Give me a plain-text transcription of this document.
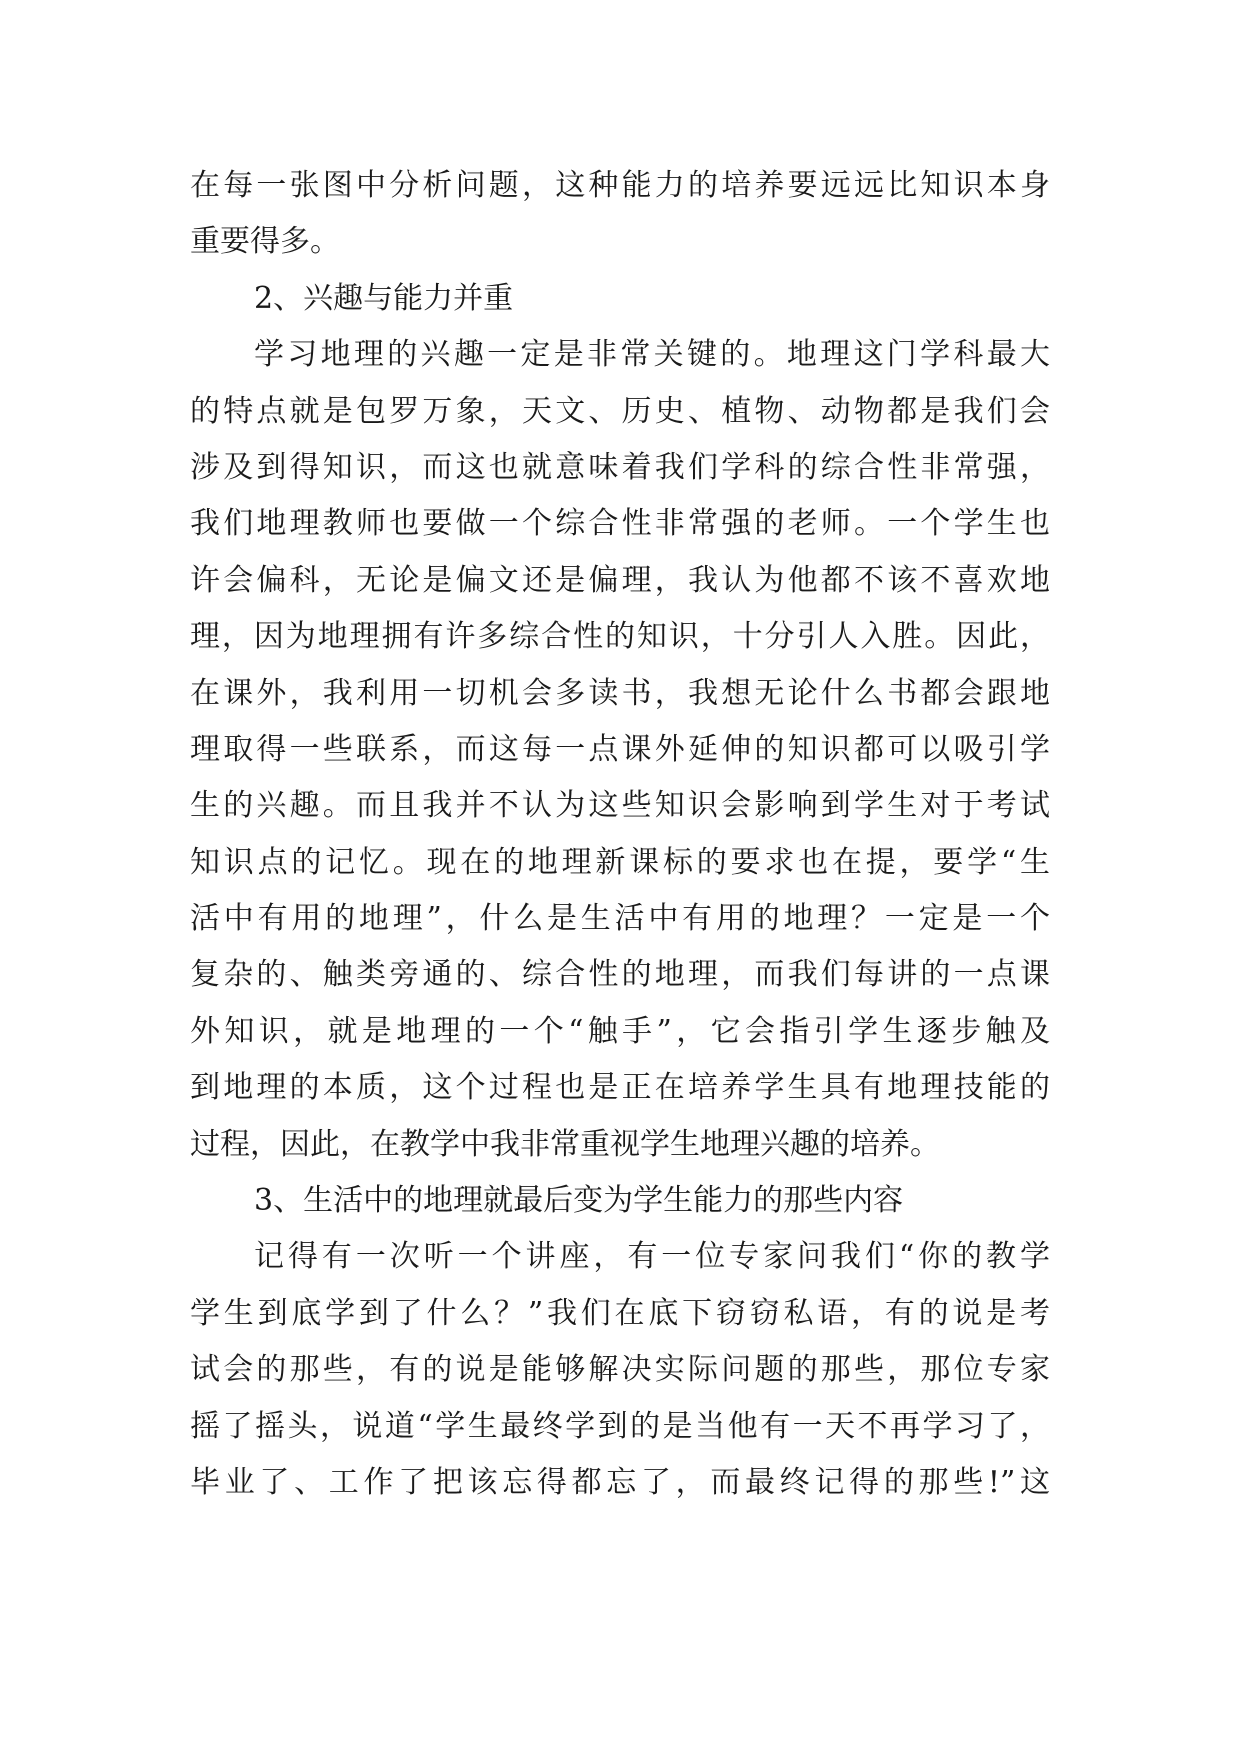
在每一张图中分析问题，这种能力的培养要远远比知识本身
重要得多。
2、兴趣与能力并重
学习地理的兴趣一定是非常关键的。地理这门学科最大
的特点就是包罗万象，天文、历史、植物、动物都是我们会
涉及到得知识，而这也就意味着我们学科的综合性非常强，
我们地理教师也要做一个综合性非常强的老师。一个学生也
许会偏科，无论是偏文还是偏理，我认为他都不该不喜欢地
理，因为地理拥有许多综合性的知识，十分引人入胜。因此，
在课外，我利用一切机会多读书，我想无论什么书都会跟地
理取得一些联系，而这每一点课外延伸的知识都可以吸引学
生的兴趣。而且我并不认为这些知识会影响到学生对于考试
知识点的记忆。现在的地理新课标的要求也在提，要学“生
活中有用的地理”，什么是生活中有用的地理？一定是一个
复杂的、触类旁通的、综合性的地理，而我们每讲的一点课
外知识，就是地理的一个“触手”，它会指引学生逐步触及
到地理的本质，这个过程也是正在培养学生具有地理技能的
过程，因此，在教学中我非常重视学生地理兴趣的培养。
3、生活中的地理就最后变为学生能力的那些内容
记得有一次听一个讲座，有一位专家问我们“你的教学
学生到底学到了什么？”我们在底下窃窃私语，有的说是考
试会的那些，有的说是能够解决实际问题的那些，那位专家
摇了摇头，说道“学生最终学到的是当他有一天不再学习了，
毕业了、工作了把该忘得都忘了，而最终记得的那些!”这
